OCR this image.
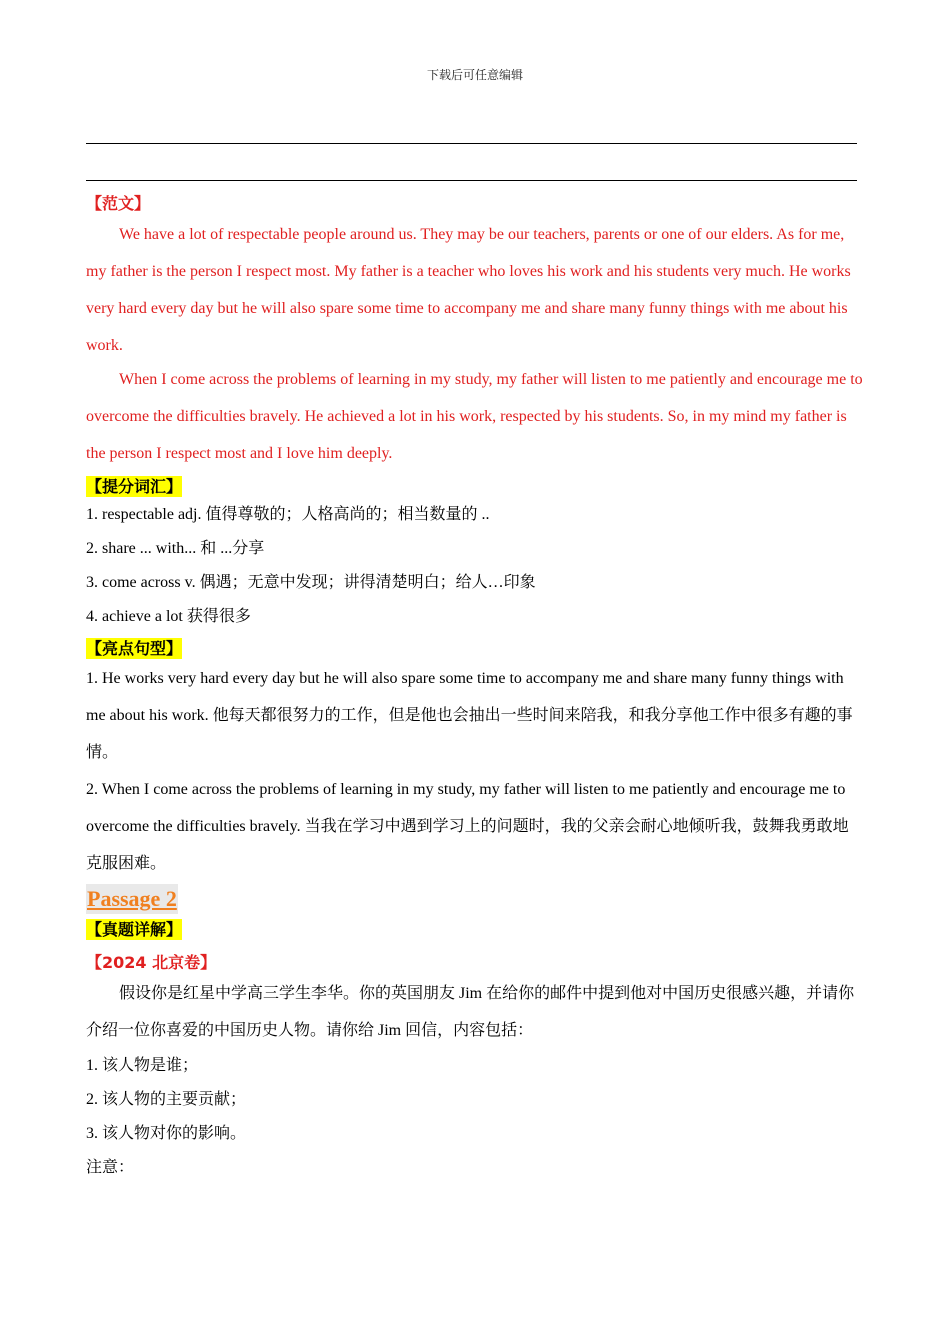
下载后可任意编辑
【范文】

We have a lot of respectable people around us. They may be our teachers, parents or one of our elders. As for me, my father is the person I respect most. My father is a teacher who loves his work and his students very much. He works very hard every day but he will also spare some time to accompany me and share many funny things with me about his work.

When I come across the problems of learning in my study, my father will listen to me patiently and encourage me to overcome the difficulties bravely. He achieved a lot in his work, respected by his students. So, in my mind my father is the person I respect most and I love him deeply.

【提分词汇】

1. respectable adj. 值得尊敬的；人格高尚的；相当数量的 ..

2. share ... with... 和 ...分享

3. come across v. 偶遇；无意中发现；讲得清楚明白；给人…印象

4. achieve a lot 获得很多

【亮点句型】

1. He works very hard every day but he will also spare some time to accompany me and share many funny things with me about his work. 他每天都很努力的工作，但是他也会抽出一些时间来陪我，和我分享他工作中很多有趣的事情。

2. When I come across the problems of learning in my study, my father will listen to me patiently and encourage me to overcome the difficulties bravely. 当我在学习中遇到学习上的问题时，我的父亲会耐心地倾听我，鼓舞我勇敢地克服困难。

Passage 2
【真题详解】
【2024 北京卷】

假设你是红星中学高三学生李华。你的英国朋友 Jim 在给你的邮件中提到他对中国历史很感兴趣，并请你介绍一位你喜爱的中国历史人物。请你给 Jim 回信，内容包括：

1. 该人物是谁；

2. 该人物的主要贡献；

3. 该人物对你的影响。

注意：
